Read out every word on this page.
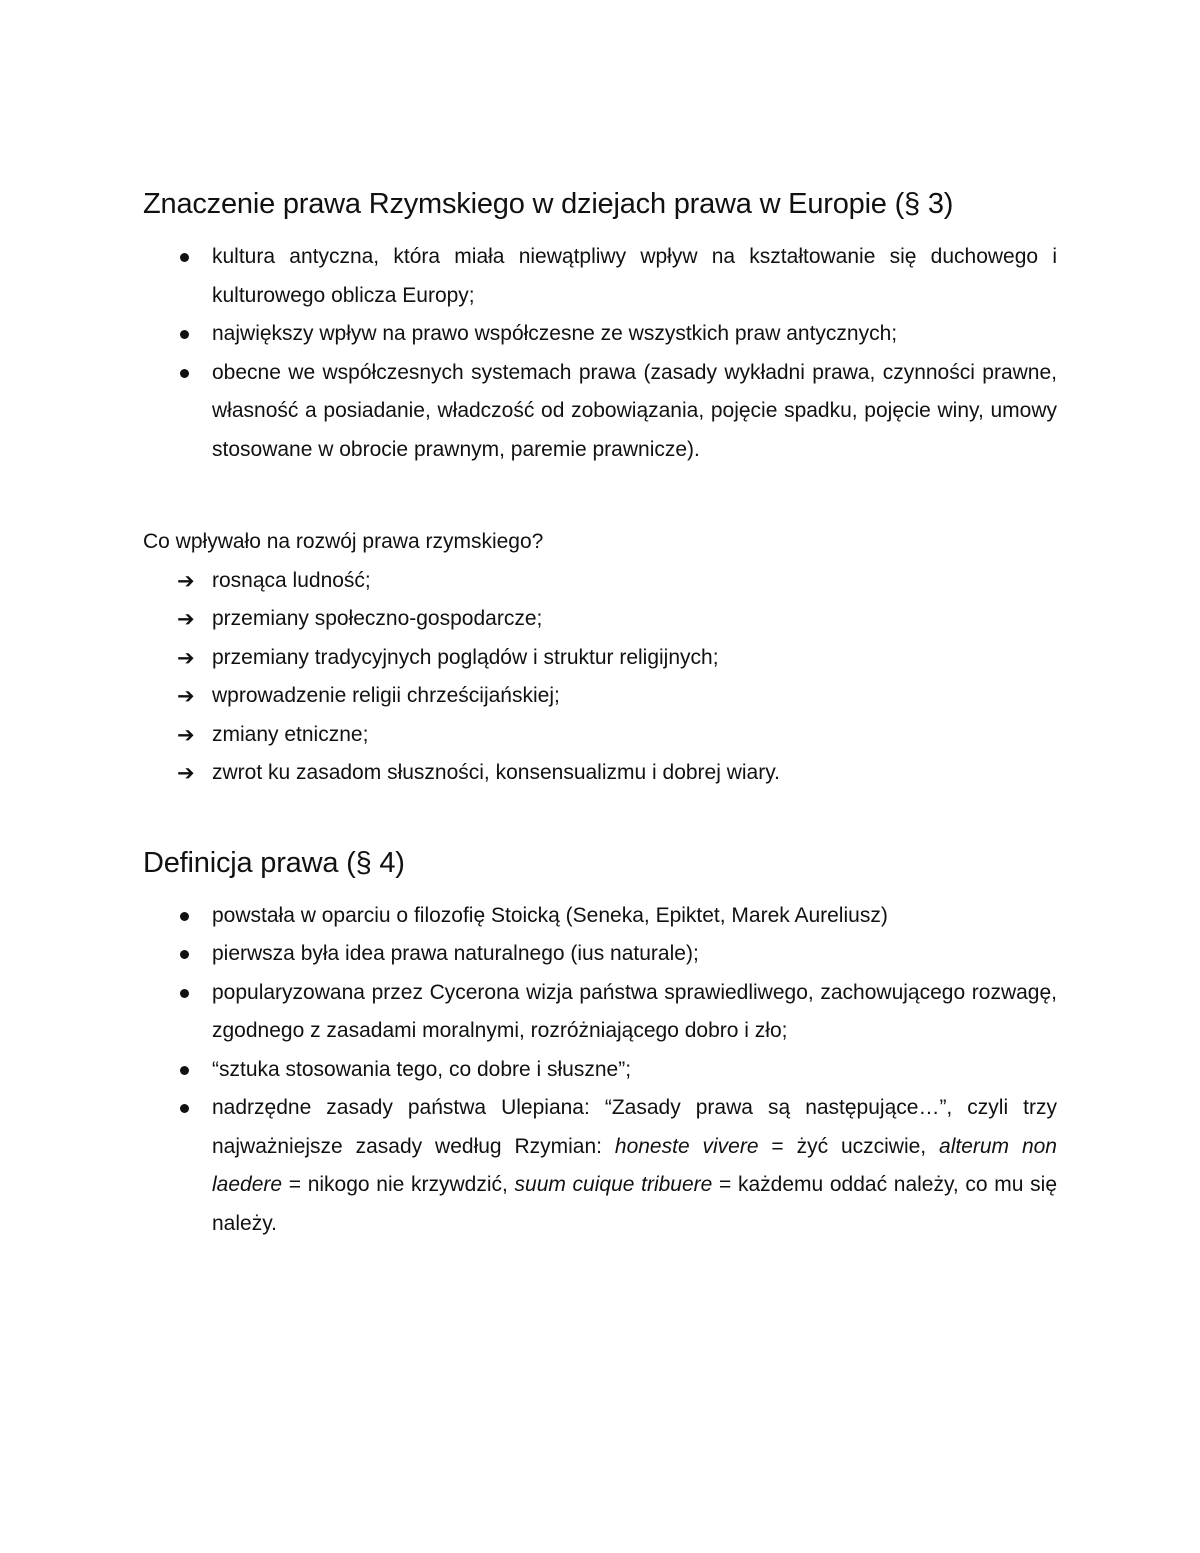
Znaczenie prawa Rzymskiego w dziejach prawa w Europie (§ 3)
kultura antyczna, która miała niewątpliwy wpływ na kształtowanie się duchowego i kulturowego oblicza Europy;
największy wpływ na prawo współczesne ze wszystkich praw antycznych;
obecne we współczesnych systemach prawa (zasady wykładni prawa, czynności prawne, własność a posiadanie, władczość od zobowiązania, pojęcie spadku, pojęcie winy, umowy stosowane w obrocie prawnym, paremie prawnicze).

Co wpływało na rozwój prawa rzymskiego?

➔ rosnąca ludność;
➔ przemiany społeczno-gospodarcze;
➔ przemiany tradycyjnych poglądów i struktur religijnych;
➔ wprowadzenie religii chrześcijańskiej;
➔ zmiany etniczne;
➔ zwrot ku zasadom słuszności, konsensualizmu i dobrej wiary.
Definicja prawa (§ 4)
powstała w oparciu o filozofię Stoicką (Seneka, Epiktet, Marek Aureliusz)
pierwsza była idea prawa naturalnego (ius naturale);
popularyzowana przez Cycerona wizja państwa sprawiedliwego, zachowującego rozwagę, zgodnego z zasadami moralnymi, rozróżniającego dobro i zło;
“sztuka stosowania tego, co dobre i słuszne”;
nadrzędne zasady państwa Ulepiana: “Zasady prawa są następujące…”, czyli trzy najważniejsze zasady według Rzymian: honeste vivere = żyć uczciwie, alterum non laedere = nikogo nie krzywdzić, suum cuique tribuere = każdemu oddać należy, co mu się należy.
